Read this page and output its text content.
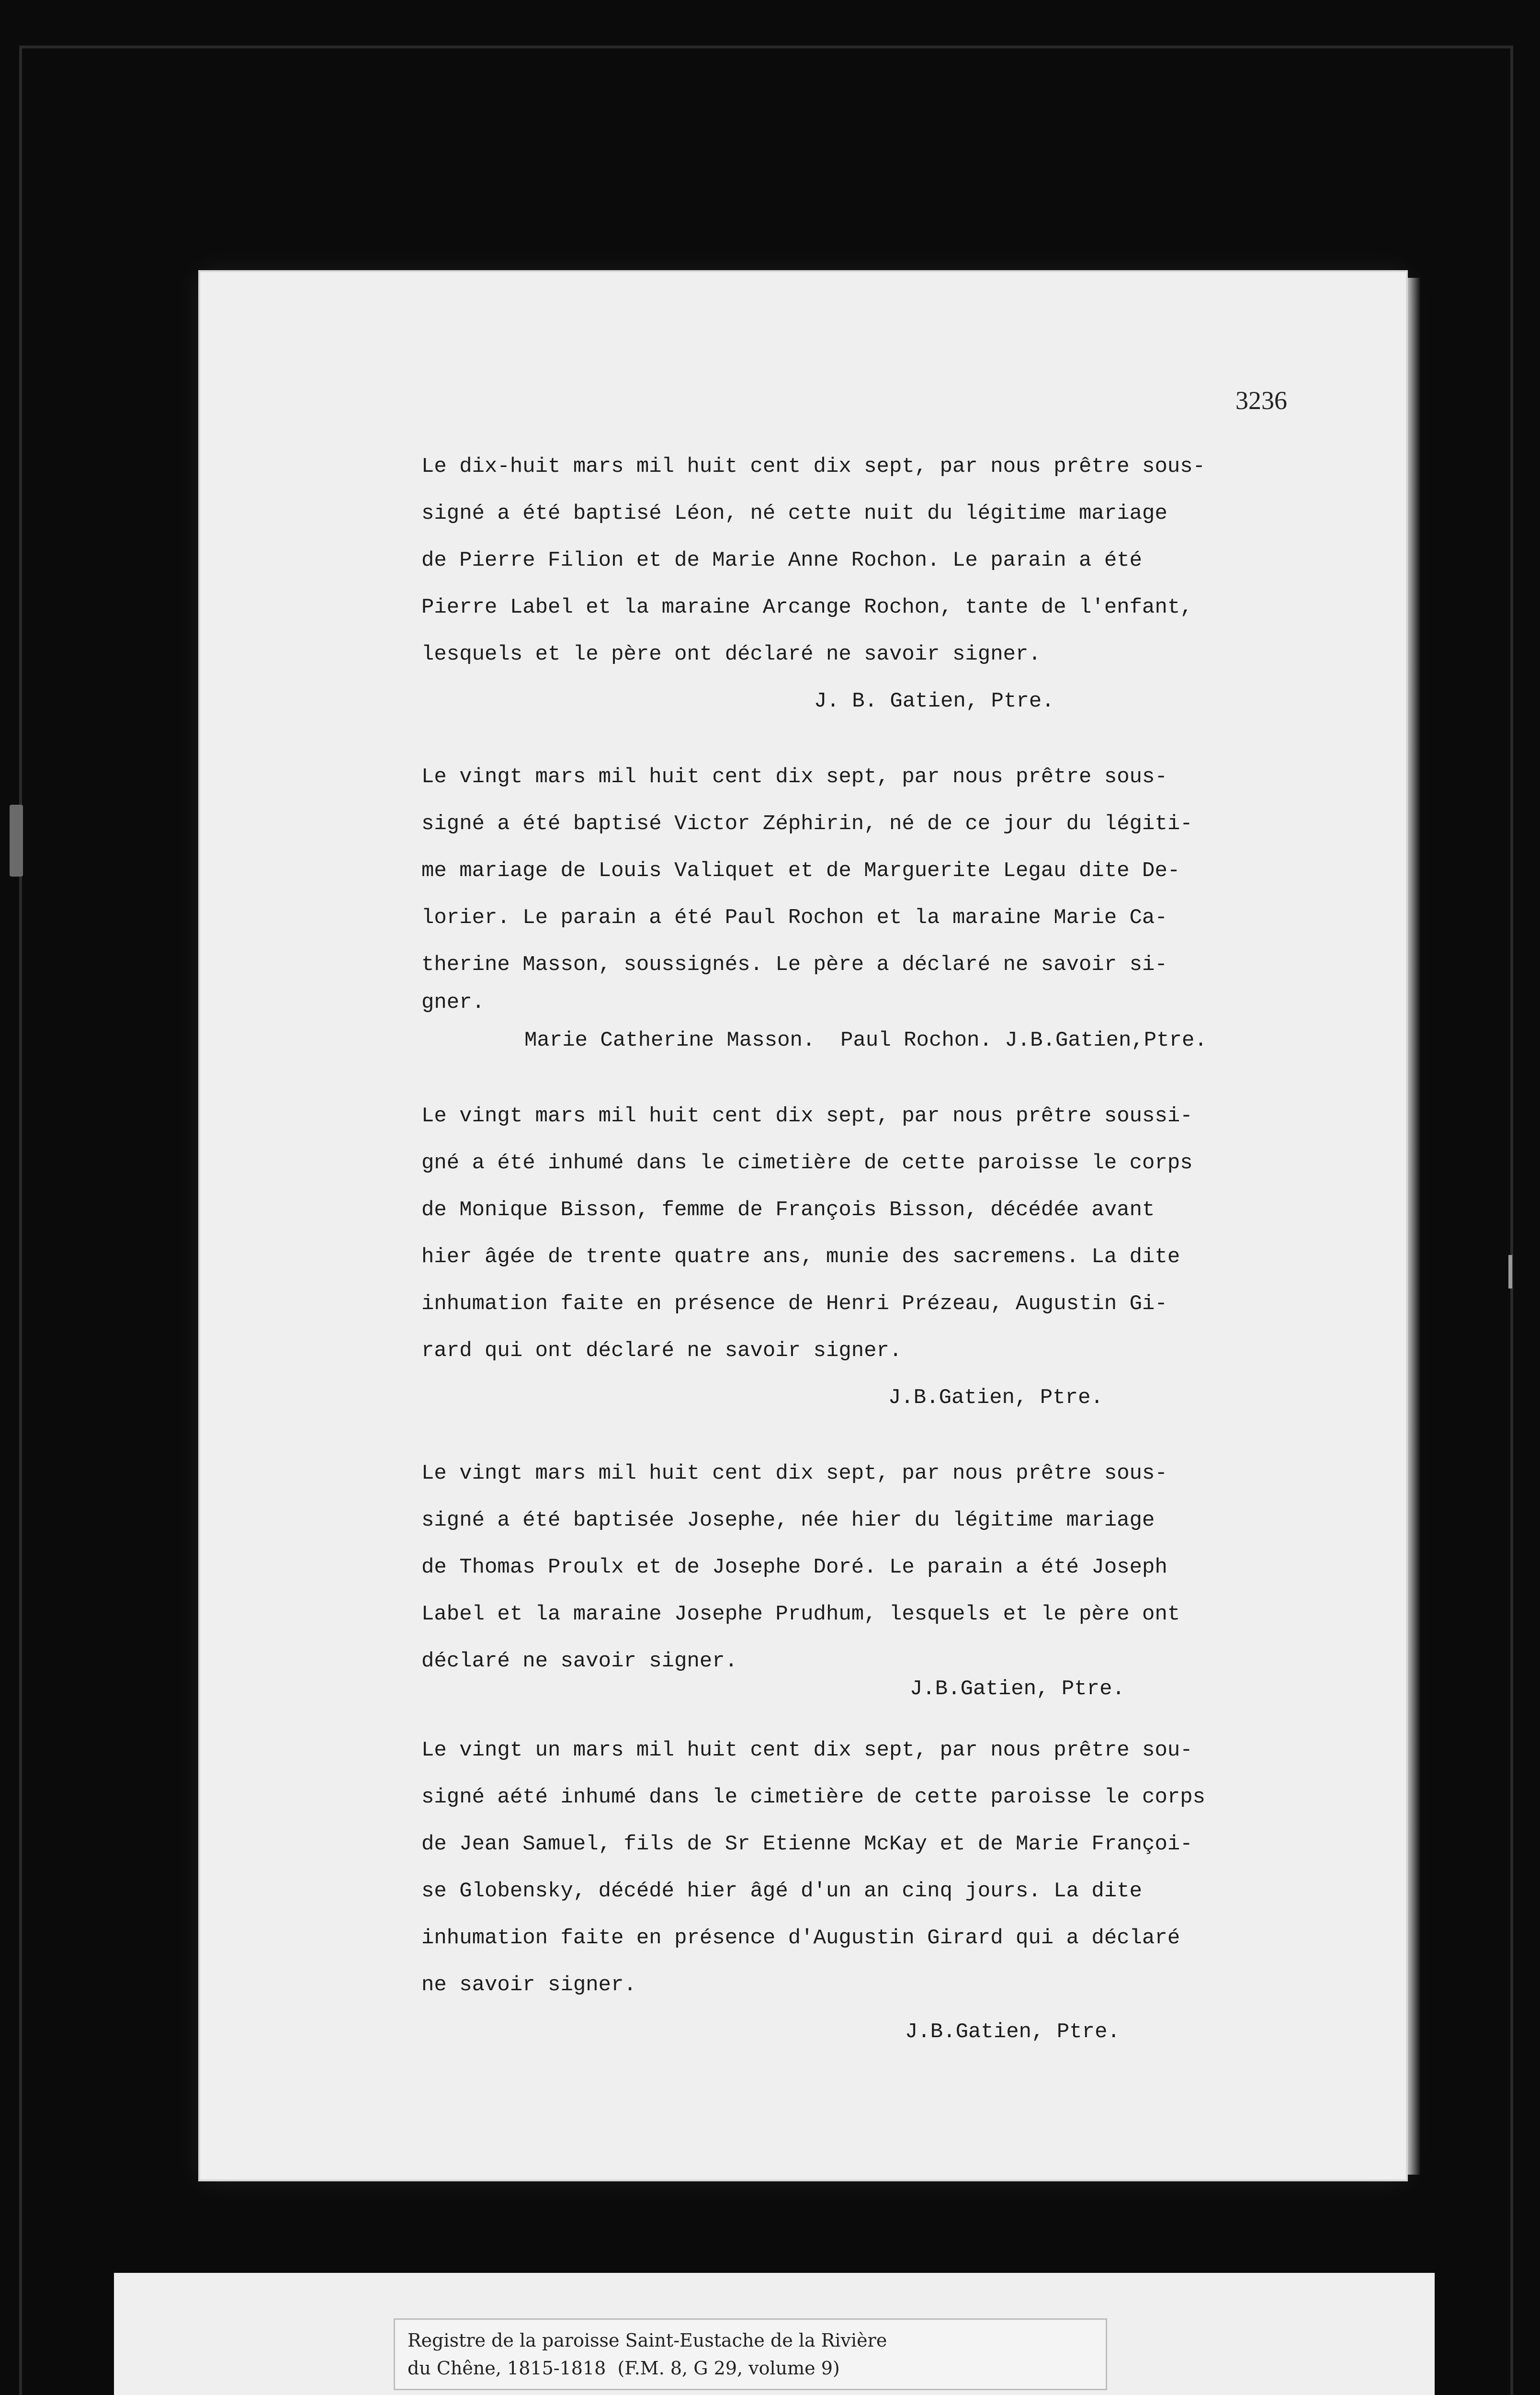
3236
Le dix-huit mars mil huit cent dix sept, par nous prêtre sous-
signé a été baptisé Léon, né cette nuit du légitime mariage
de Pierre Filion et de Marie Anne Rochon. Le parain a été
Pierre Label et la maraine Arcange Rochon, tante de l'enfant,
lesquels et le père ont déclaré ne savoir signer.
J. B. Gatien, Ptre.
Le vingt mars mil huit cent dix sept, par nous prêtre sous-
signé a été baptisé Victor Zéphirin, né de ce jour du légiti-
me mariage de Louis Valiquet et de Marguerite Legau dite De-
lorier. Le parain a été Paul Rochon et la maraine Marie Ca-
therine Masson, soussignés. Le père a déclaré ne savoir si-
gner.
Marie Catherine Masson.  Paul Rochon. J.B.Gatien,Ptre.
Le vingt mars mil huit cent dix sept, par nous prêtre soussi-
gné a été inhumé dans le cimetière de cette paroisse le corps
de Monique Bisson, femme de François Bisson, décédée avant
hier âgée de trente quatre ans, munie des sacremens. La dite
inhumation faite en présence de Henri Prézeau, Augustin Gi-
rard qui ont déclaré ne savoir signer.
J.B.Gatien, Ptre.
Le vingt mars mil huit cent dix sept, par nous prêtre sous-
signé a été baptisée Josephe, née hier du légitime mariage
de Thomas Proulx et de Josephe Doré. Le parain a été Joseph
Label et la maraine Josephe Prudhum, lesquels et le père ont
déclaré ne savoir signer.
J.B.Gatien, Ptre.
Le vingt un mars mil huit cent dix sept, par nous prêtre sou-
signé aété inhumé dans le cimetière de cette paroisse le corps
de Jean Samuel, fils de Sr Etienne McKay et de Marie Françoi-
se Globensky, décédé hier âgé d'un an cinq jours. La dite
inhumation faite en présence d'Augustin Girard qui a déclaré
ne savoir signer.
J.B.Gatien, Ptre.
Registre de la paroisse Saint-Eustache de la Rivière
du Chêne, 1815-1818  (F.M. 8, G 29, volume 9)
